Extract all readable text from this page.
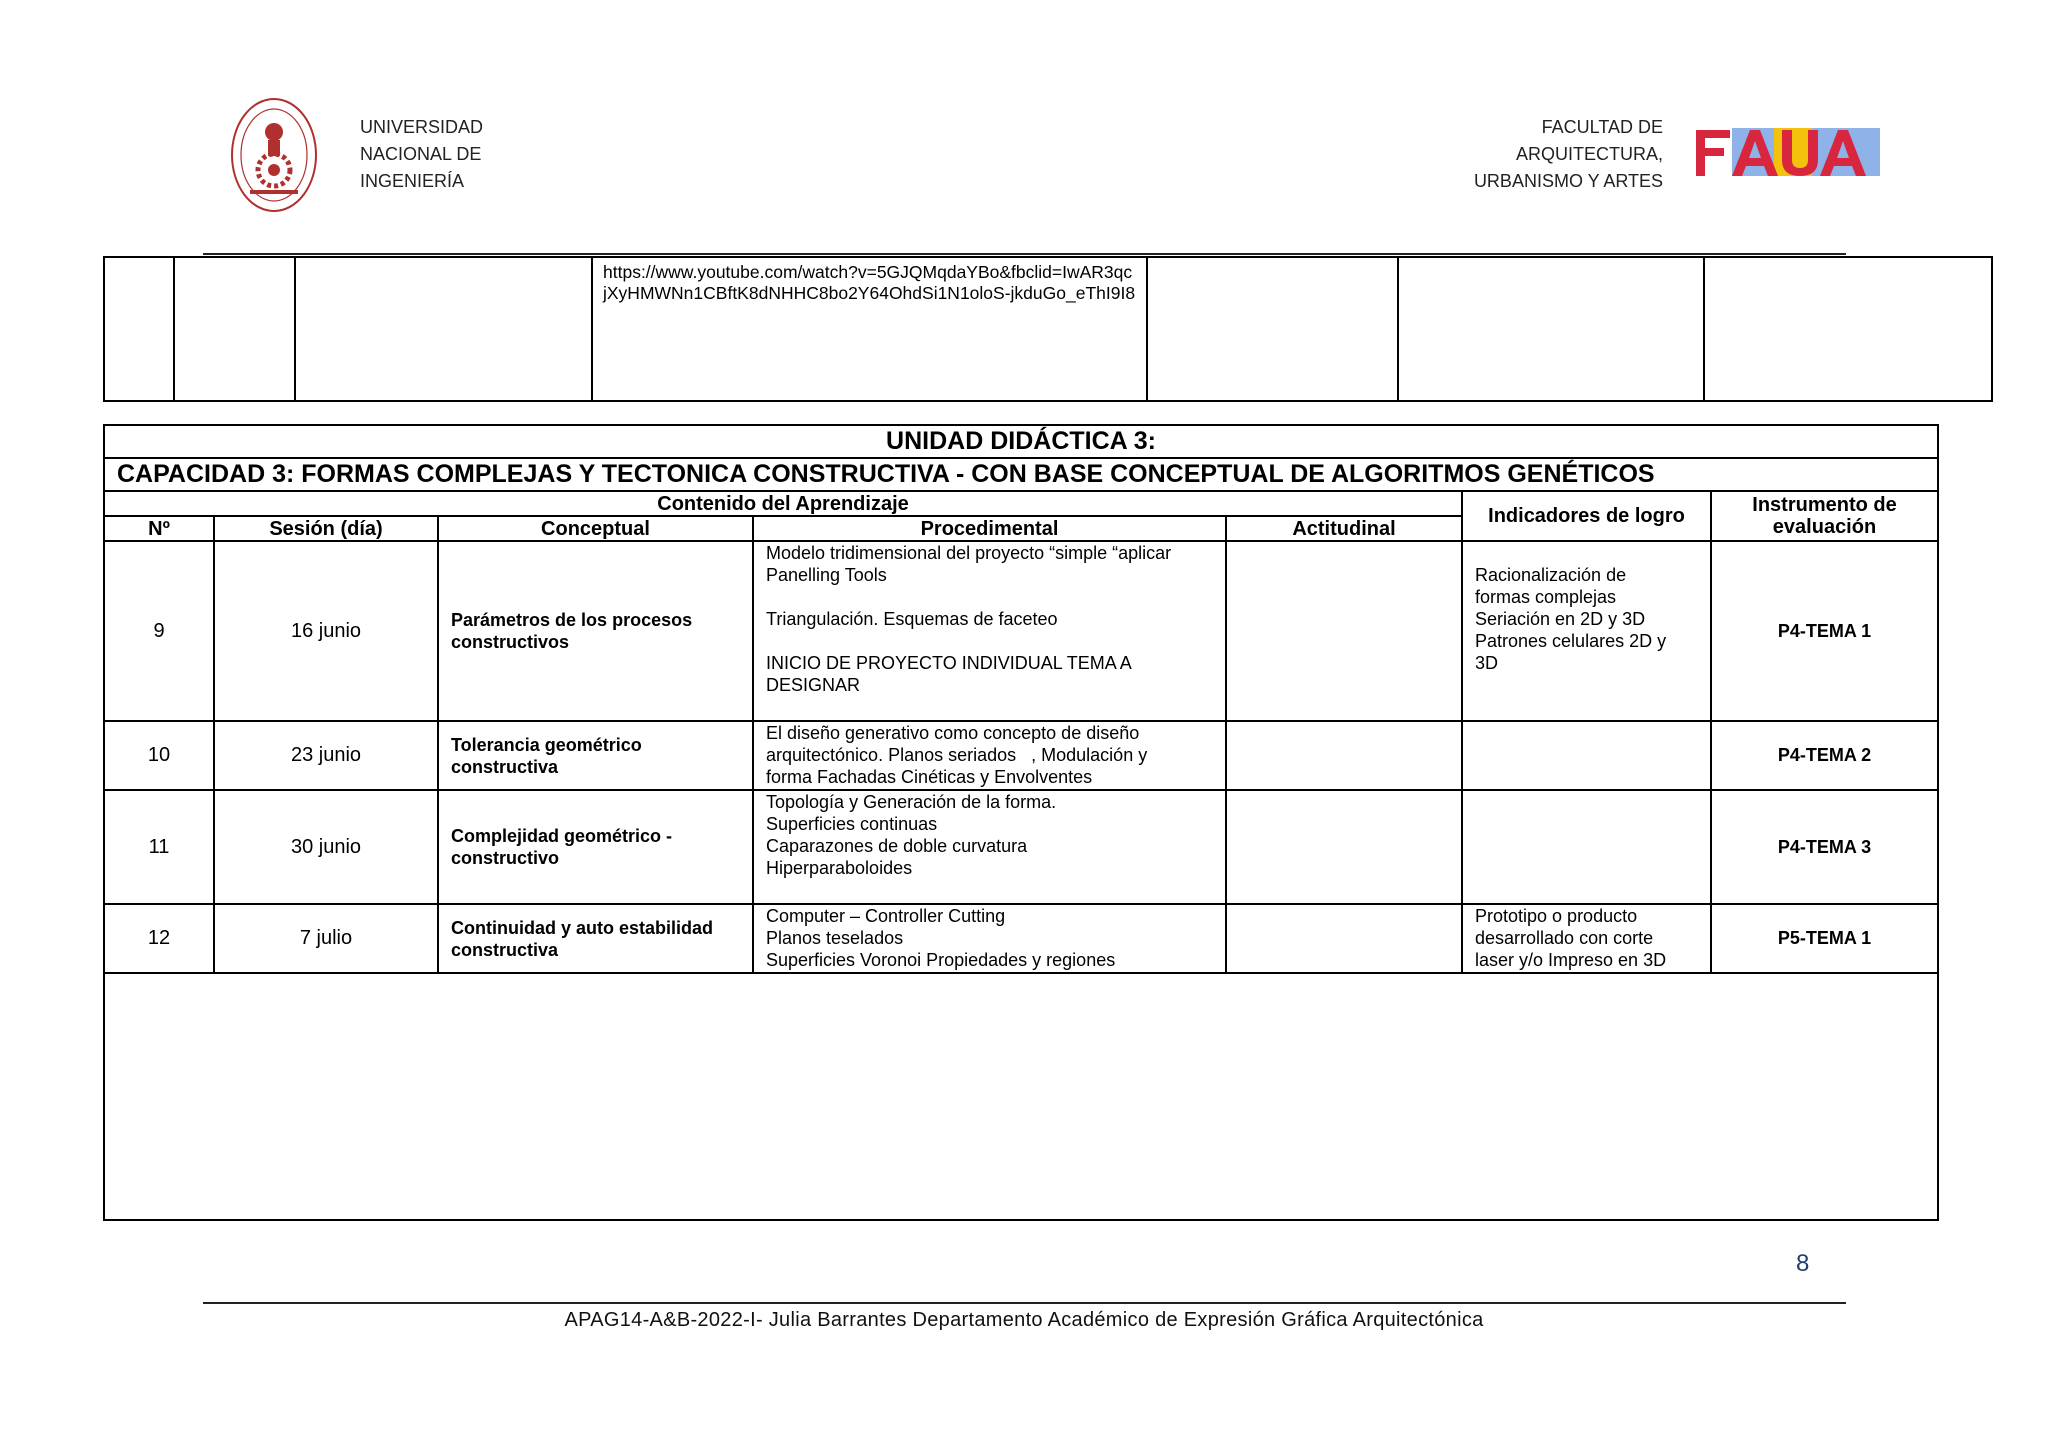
UNIVERSIDAD
NACIONAL DE
INGENIERÍA
FACULTAD DE
ARQUITECTURA,
URBANISMO Y ARTES
			https://www.youtube.com/watch?v=5GJQMqdaYBo&fbclid=IwAR3qcjXyHMWNn1CBftK8dNHHC8bo2Y64OhdSi1N1oloS-jkduGo_eThI9I8			
UNIDAD DIDÁCTICA 3:						
CAPACIDAD 3: FORMAS COMPLEJAS Y TECTONICA CONSTRUCTIVA - CON BASE CONCEPTUAL DE ALGORITMOS GENÉTICOS						
Contenido del Aprendizaje					Indicadores de logro	Instrumento de evaluación
Nº	Sesión (día)	Conceptual	Procedimental	Actitudinal		
9	16 junio	Parámetros de los procesos constructivos	Modelo tridimensional del proyecto “simple “aplicar
Panelling Tools

Triangulación. Esquemas de faceteo

INICIO DE PROYECTO INDIVIDUAL TEMA A
DESIGNAR		Racionalización de
formas complejas
Seriación en 2D y 3D
Patrones celulares 2D y
3D	P4-TEMA 1
10	23 junio	Tolerancia geométrico constructiva	El diseño generativo como concepto de diseño
arquitectónico. Planos seriados   , Modulación y
forma Fachadas Cinéticas y Envolventes			P4-TEMA 2
11	30 junio	Complejidad geométrico - constructivo	Topología y Generación de la forma.
Superficies continuas
Caparazones de doble curvatura
Hiperparaboloides			P4-TEMA 3
12	7 julio	Continuidad y auto estabilidad constructiva	Computer – Controller Cutting
Planos teselados
Superficies Voronoi Propiedades y regiones		Prototipo o producto
desarrollado con corte
laser y/o Impreso en 3D	P5-TEMA 1

8
APAG14-A&B-2022-I- Julia Barrantes Departamento Académico de Expresión Gráfica Arquitectónica
